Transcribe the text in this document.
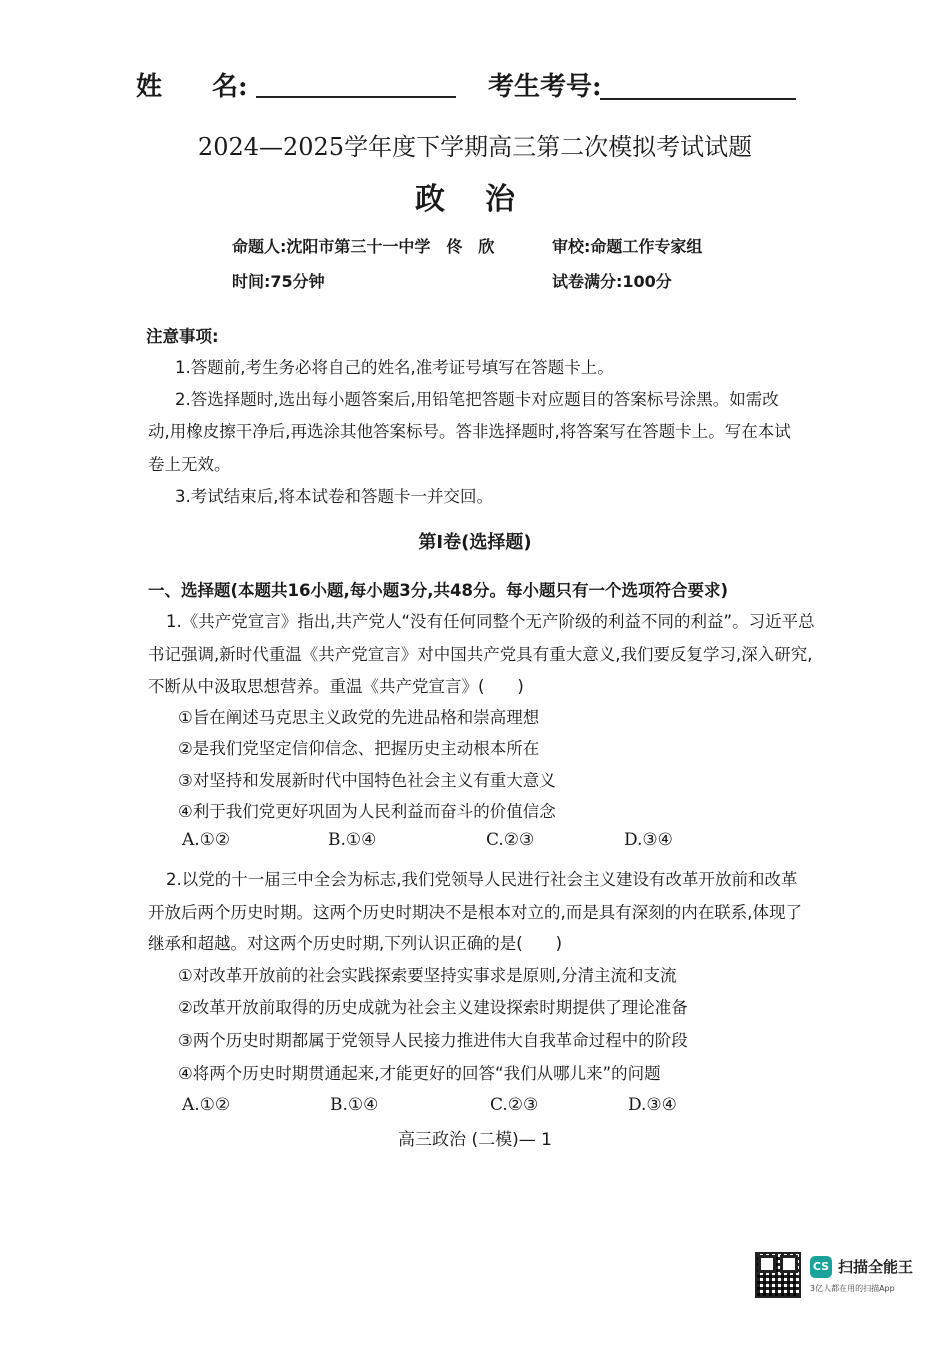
姓 名:	考生考号:
2024—2025学年度下学期高三第二次模拟考试试题
政治
命题人:沈阳市第三十一中学　佟　欣	审校:命题工作专家组
时间:75分钟	试卷满分:100分
注意事项:
1.答题前,考生务必将自己的姓名,准考证号填写在答题卡上。
2.答选择题时,选出每小题答案后,用铅笔把答题卡对应题目的答案标号涂黑。如需改
动,用橡皮擦干净后,再选涂其他答案标号。答非选择题时,将答案写在答题卡上。写在本试
卷上无效。
3.考试结束后,将本试卷和答题卡一并交回。
第Ⅰ卷(选择题)
一、选择题(本题共16小题,每小题3分,共48分。每小题只有一个选项符合要求)
1.《共产党宣言》指出,共产党人“没有任何同整个无产阶级的利益不同的利益”。习近平总
书记强调,新时代重温《共产党宣言》对中国共产党具有重大意义,我们要反复学习,深入研究,
不断从中汲取思想营养。重温《共产党宣言》(　　)
①旨在阐述马克思主义政党的先进品格和崇高理想
②是我们党坚定信仰信念、把握历史主动根本所在
③对坚持和发展新时代中国特色社会主义有重大意义
④利于我们党更好巩固为人民利益而奋斗的价值信念
A.①②	B.①④	C.②③	D.③④
2.以党的十一届三中全会为标志,我们党领导人民进行社会主义建设有改革开放前和改革
开放后两个历史时期。这两个历史时期决不是根本对立的,而是具有深刻的内在联系,体现了
继承和超越。对这两个历史时期,下列认识正确的是(　　)
①对改革开放前的社会实践探索要坚持实事求是原则,分清主流和支流
②改革开放前取得的历史成就为社会主义建设探索时期提供了理论准备
③两个历史时期都属于党领导人民接力推进伟大自我革命过程中的阶段
④将两个历史时期贯通起来,才能更好的回答“我们从哪儿来”的问题
A.①②	B.①④	C.②③	D.③④
高三政治 (二模)— 1
CS 扫描全能王
3亿人都在用的扫描App
